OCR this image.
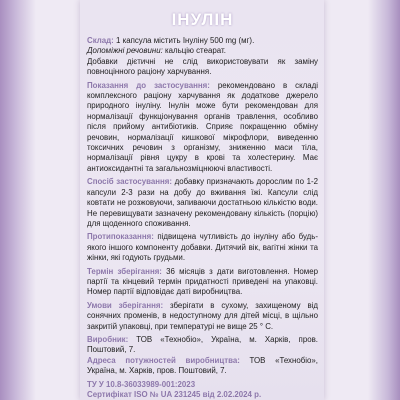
ІНУЛІН
Склад: 1 капсула містить Інуліну 500 mg (мг).
Допоміжні речовини: кальцію стеарат.
Добавки дієтичні не слід використовувати як заміну повноцінного раціону харчування.
Показання до застосування: рекомендовано в складі комплексного раціону харчування як додаткове джерело природного інуліну. Інулін може бути рекомендован для нормалізації функціонування органів травлення, особливо після прийому антибіотиків. Сприяє покращенню обміну речовин, нормалізації кишкової мікрофлори, виведенню токсичних речовин з організму, зниженню маси тіла, нормалізації рівня цукру в крові та холестерину. Має антиоксидантні та загальнозміцнюючі властивості.
Спосіб застосування: добавку призначають дорослим по 1-2 капсули 2-3 рази на добу до вживання їжі. Капсули слід ковтати не розжовуючи, запиваючи достатньою кількістю води. Не перевищувати зазначену рекомендовану кількість (порцію) для щоденного споживання.
Протипоказання: підвищена чутливість до інуліну або будь-якого іншого компоненту добавки. Дитячий вік, вагітні жінки та жінки, які годують грудьми.
Термін зберігання: 36 місяців з дати виготовлення. Номер партії та кінцевий термін придатності приведені на упаковці. Номер партії відповідає даті виробництва.
Умови зберігання: зберігати в сухому, захищеному від сонячних променів, в недоступному для дітей місці, в щільно закритій упаковці, при температурі не вище 25 ° С.
Виробник: ТОВ «Технобіо», Україна, м. Харків, пров. Поштовий, 7.
Адреса потужностей виробництва: ТОВ «Технобіо», Україна, м. Харків, пров. Поштовий, 7.
ТУ У 10.8-36033989-001:2023
Сертифікат ISO № UA 231245 від 2.02.2024 р.
